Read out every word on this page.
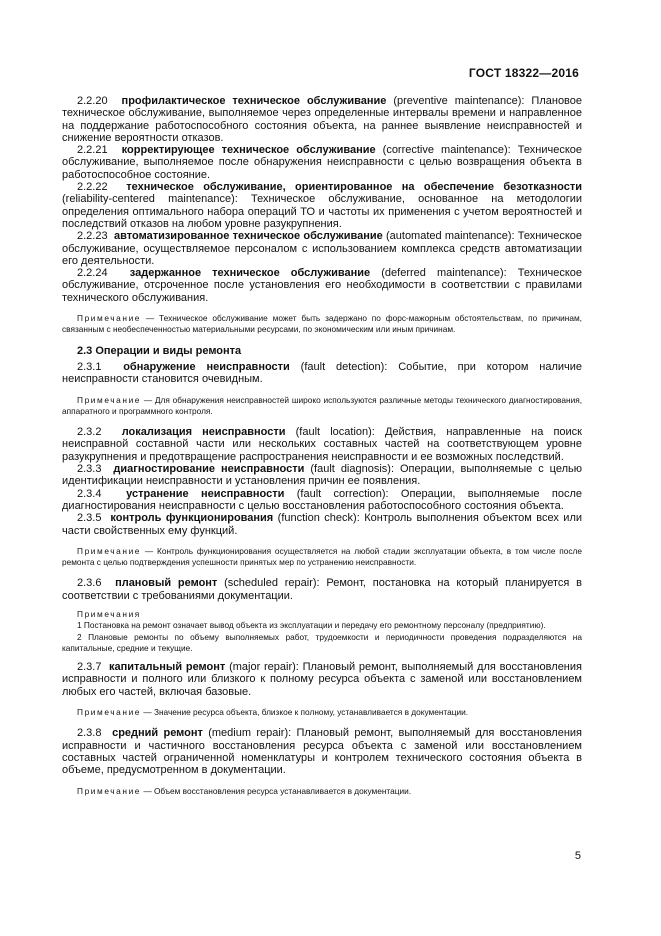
ГОСТ 18322—2016

2.2.20 профилактическое техническое обслуживание (preventive maintenance): Плановое техническое обслуживание, выполняемое через определенные интервалы времени и направленное на поддержание работоспособного состояния объекта, на раннее выявление неисправностей и снижение вероятности отказов.

2.2.21 корректирующее техническое обслуживание (corrective maintenance): Техническое обслуживание, выполняемое после обнаружения неисправности с целью возвращения объекта в работоспособное состояние.

2.2.22 техническое обслуживание, ориентированное на обеспечение безотказности (reliability-centered maintenance): Техническое обслуживание, основанное на методологии определения оптимального набора операций ТО и частоты их применения с учетом вероятностей и последствий отказов на любом уровне разукрупнения.

2.2.23 автоматизированное техническое обслуживание (automated maintenance): Техническое обслуживание, осуществляемое персоналом с использованием комплекса средств автоматизации его деятельности.

2.2.24 задержанное техническое обслуживание (deferred maintenance): Техническое обслуживание, отсроченное после установления его необходимости в соответствии с правилами технического обслуживания.

Примечание — Техническое обслуживание может быть задержано по форс-мажорным обстоятельствам, по причинам, связанным с необеспеченностью материальными ресурсами, по экономическим или иным причинам.

2.3 Операции и виды ремонта

2.3.1 обнаружение неисправности (fault detection): Событие, при котором наличие неисправности становится очевидным.

Примечание — Для обнаружения неисправностей широко используются различные методы технического диагностирования, аппаратного и программного контроля.

2.3.2 локализация неисправности (fault location): Действия, направленные на поиск неисправной составной части или нескольких составных частей на соответствующем уровне разукрупнения и предотвращение распространения неисправности и ее возможных последствий.

2.3.3 диагностирование неисправности (fault diagnosis): Операции, выполняемые с целью идентификации неисправности и установления причин ее появления.

2.3.4 устранение неисправности (fault correction): Операции, выполняемые после диагностирования неисправности с целью восстановления работоспособного состояния объекта.

2.3.5 контроль функционирования (function check): Контроль выполнения объектом всех или части свойственных ему функций.

Примечание — Контроль функционирования осуществляется на любой стадии эксплуатации объекта, в том числе после ремонта с целью подтверждения успешности принятых мер по устранению неисправности.

2.3.6 плановый ремонт (scheduled repair): Ремонт, постановка на который планируется в соответствии с требованиями документации.

Примечания

1 Постановка на ремонт означает вывод объекта из эксплуатации и передачу его ремонтному персоналу (предприятию).

2 Плановые ремонты по объему выполняемых работ, трудоемкости и периодичности проведения подразделяются на капитальные, средние и текущие.

2.3.7 капитальный ремонт (major repair): Плановый ремонт, выполняемый для восстановления исправности и полного или близкого к полному ресурса объекта с заменой или восстановлением любых его частей, включая базовые.

Примечание — Значение ресурса объекта, близкое к полному, устанавливается в документации.

2.3.8 средний ремонт (medium repair): Плановый ремонт, выполняемый для восстановления исправности и частичного восстановления ресурса объекта с заменой или восстановлением составных частей ограниченной номенклатуры и контролем технического состояния объекта в объеме, предусмотренном в документации.

Примечание — Объем восстановления ресурса устанавливается в документации.

5
